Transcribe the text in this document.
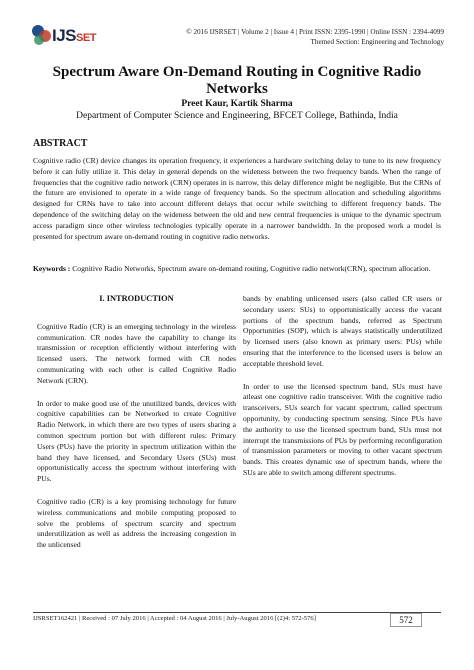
IJSSET	© 2016 IJSRSET | Volume 2 | Issue 4 | Print ISSN: 2395-1990 | Online ISSN : 2394-4099
Themed Section: Engineering and Technology
Spectrum Aware On-Demand Routing in Cognitive Radio Networks
Preet Kaur, Kartik Sharma
Department of Computer Science and Engineering, BFCET College, Bathinda, India
ABSTRACT
Cognitive radio (CR) device changes its operation frequency, it experiences a hardware switching delay to tune to its new frequency before it can fully utilize it. This delay in general depends on the wideness between the two frequency bands. When the range of frequencies that the cognitive radio network (CRN) operates in is narrow, this delay difference might be negligible. But the CRNs of the future are envisioned to operate in a wide range of frequency bands. So the spectrum allocation and scheduling algorithms designed for CRNs have to take into account different delays that occur while switching to different frequency bands. The dependence of the switching delay on the wideness between the old and new central frequencies is unique to the dynamic spectrum access paradigm since other wireless technologies typically operate in a narrower bandwidth. In the proposed work a model is presented for spectrum aware on-demand routing in cognitive radio networks.
Keywords : Cognitive Radio Networks, Spectrum aware on-demand routing, Cognitive radio network(CRN), spectrum allocation.
I. INTRODUCTION

Cognitive Radio (CR) is an emerging technology in the wireless communication. CR nodes have the capability to change its transmission or reception efficiently without interfering with licensed users. The network formed with CR nodes communicating with each other is called Cognitive Radio Network (CRN).

In order to make good use of the unutilized bands, devices with cognitive capabilities can be Networked to create Cognitive Radio Network, in which there are two types of users sharing a common spectrum portion but with different rules: Primary Users (PUs) have the priority in spectrum utilization within the band they have licensed, and Secondary Users (SUs) must opportunistically access the spectrum without interfering with PUs.

Cognitive radio (CR) is a key promising technology for future wireless communications and mobile computing proposed to solve the problems of spectrum scarcity and spectrum underutilization as well as address the increasing congestion in the unlicensed

bands by enabling unlicensed users (also called CR users or secondary users: SUs) to opportunistically access the vacant portions of the spectrum bands, referred as Spectrum Opportunities (SOP), which is always statistically underutilized by licensed users (also known as primary users: PUs) while ensuring that the interference to the licensed users is below an acceptable threshold level.

In order to use the licensed spectrum band, SUs must have atleast one cognitive radio transceiver. With the cognitive radio transceivers, SUs search for vacant spectrum, called spectrum opportunity, by conducting spectrum sensing. Since PUs have the authority to use the licensed spectrum band, SUs must not interrupt the transmissions of PUs by performing reconfiguration of transmission parameters or moving to other vacant spectrum bands. This creates dynamic use of spectrum bands, where the SUs are able to switch among different spectrums.

IJSRSET162421 | Received : 07 July 2016 | Accepted : 04 August 2016 | July-August 2016 [(2)4: 572-576]	572
